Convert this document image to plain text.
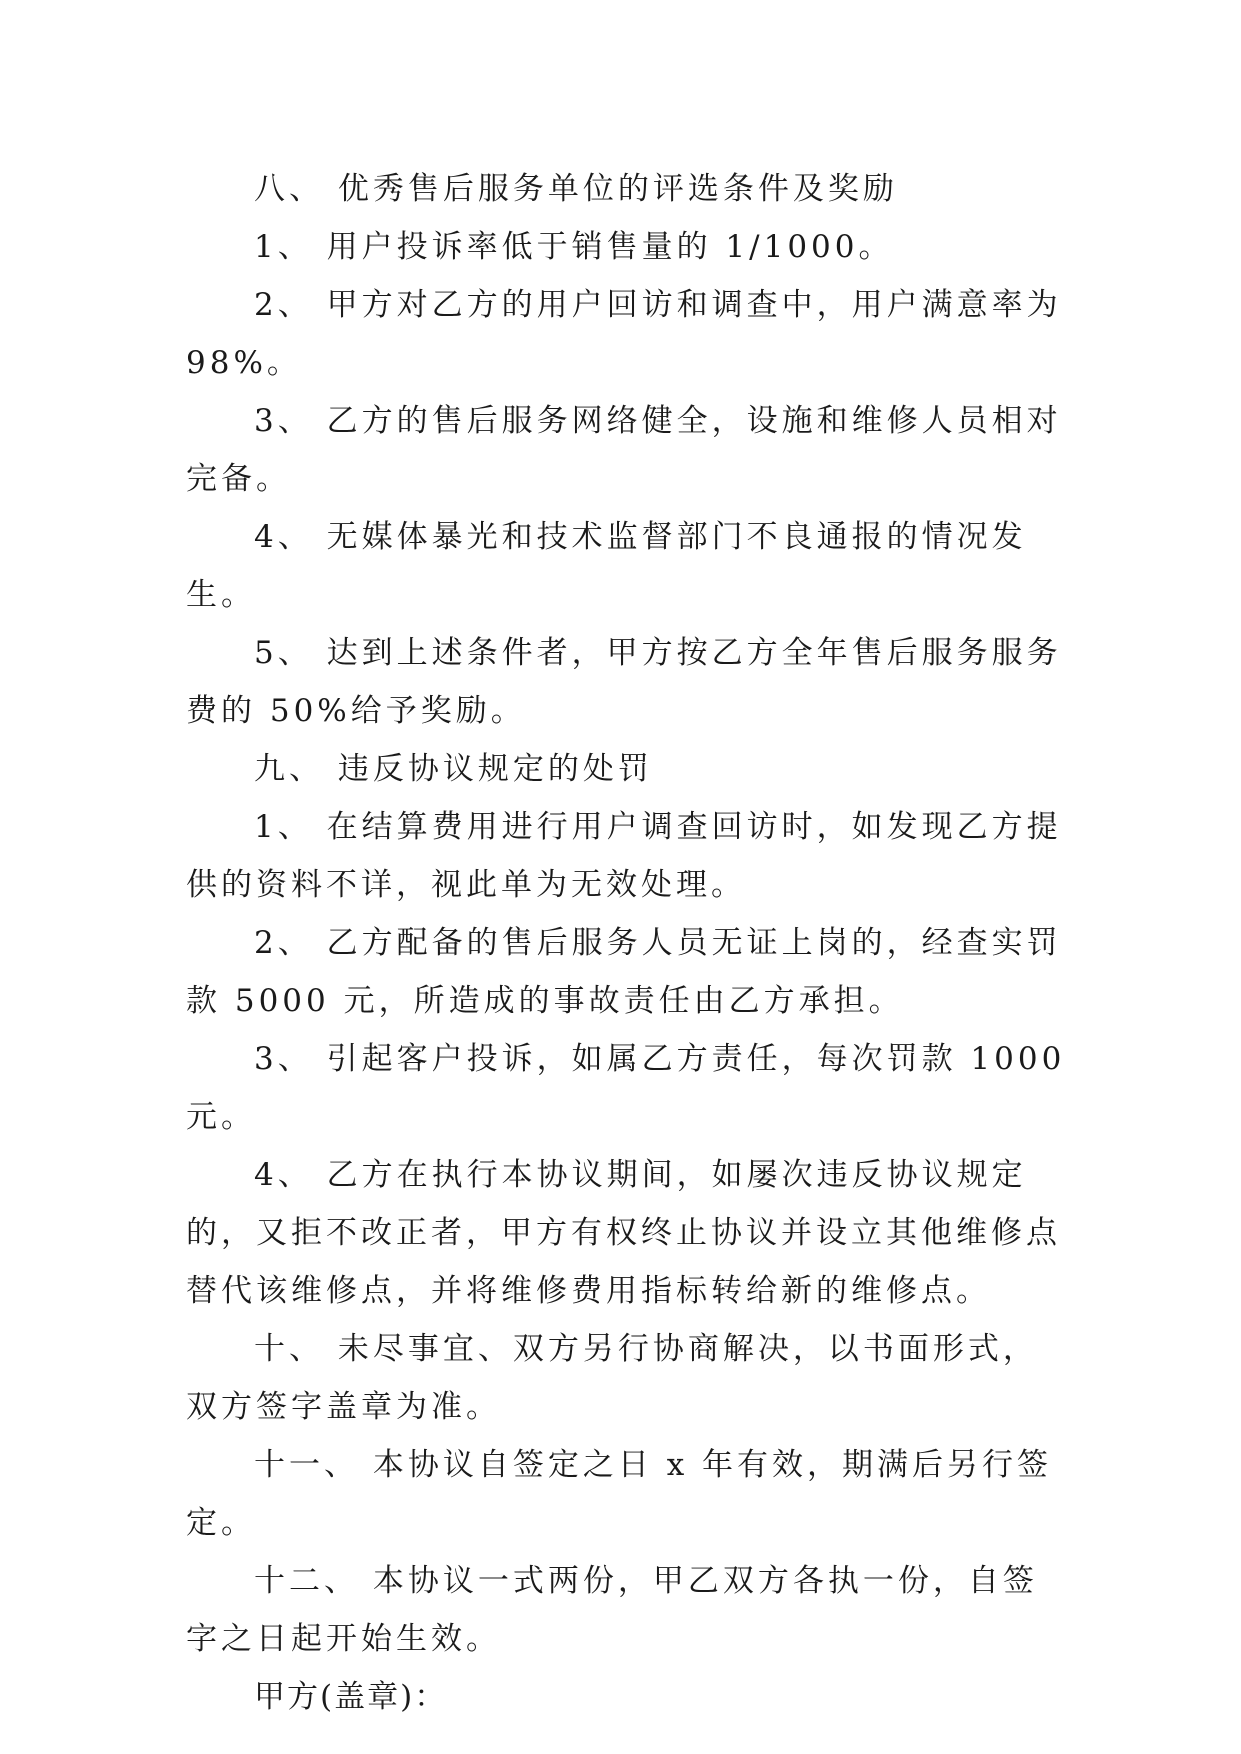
八、 优秀售后服务单位的评选条件及奖励

1、 用户投诉率低于销售量的 1/1000。

2、 甲方对乙方的用户回访和调查中，用户满意率为 98%。

3、 乙方的售后服务网络健全，设施和维修人员相对完备。

4、 无媒体暴光和技术监督部门不良通报的情况发生。

5、 达到上述条件者，甲方按乙方全年售后服务服务费的 50%给予奖励。

九、 违反协议规定的处罚

1、 在结算费用进行用户调查回访时，如发现乙方提供的资料不详，视此单为无效处理。

2、 乙方配备的售后服务人员无证上岗的，经查实罚款 5000 元，所造成的事故责任由乙方承担。

3、 引起客户投诉，如属乙方责任，每次罚款 1000 元。

4、 乙方在执行本协议期间，如屡次违反协议规定的，又拒不改正者，甲方有权终止协议并设立其他维修点替代该维修点，并将维修费用指标转给新的维修点。

十、 未尽事宜、双方另行协商解决，以书面形式，双方签字盖章为准。

十一、 本协议自签定之日 x 年有效，期满后另行签定。

十二、 本协议一式两份，甲乙双方各执一份，自签字之日起开始生效。

甲方(盖章)：
